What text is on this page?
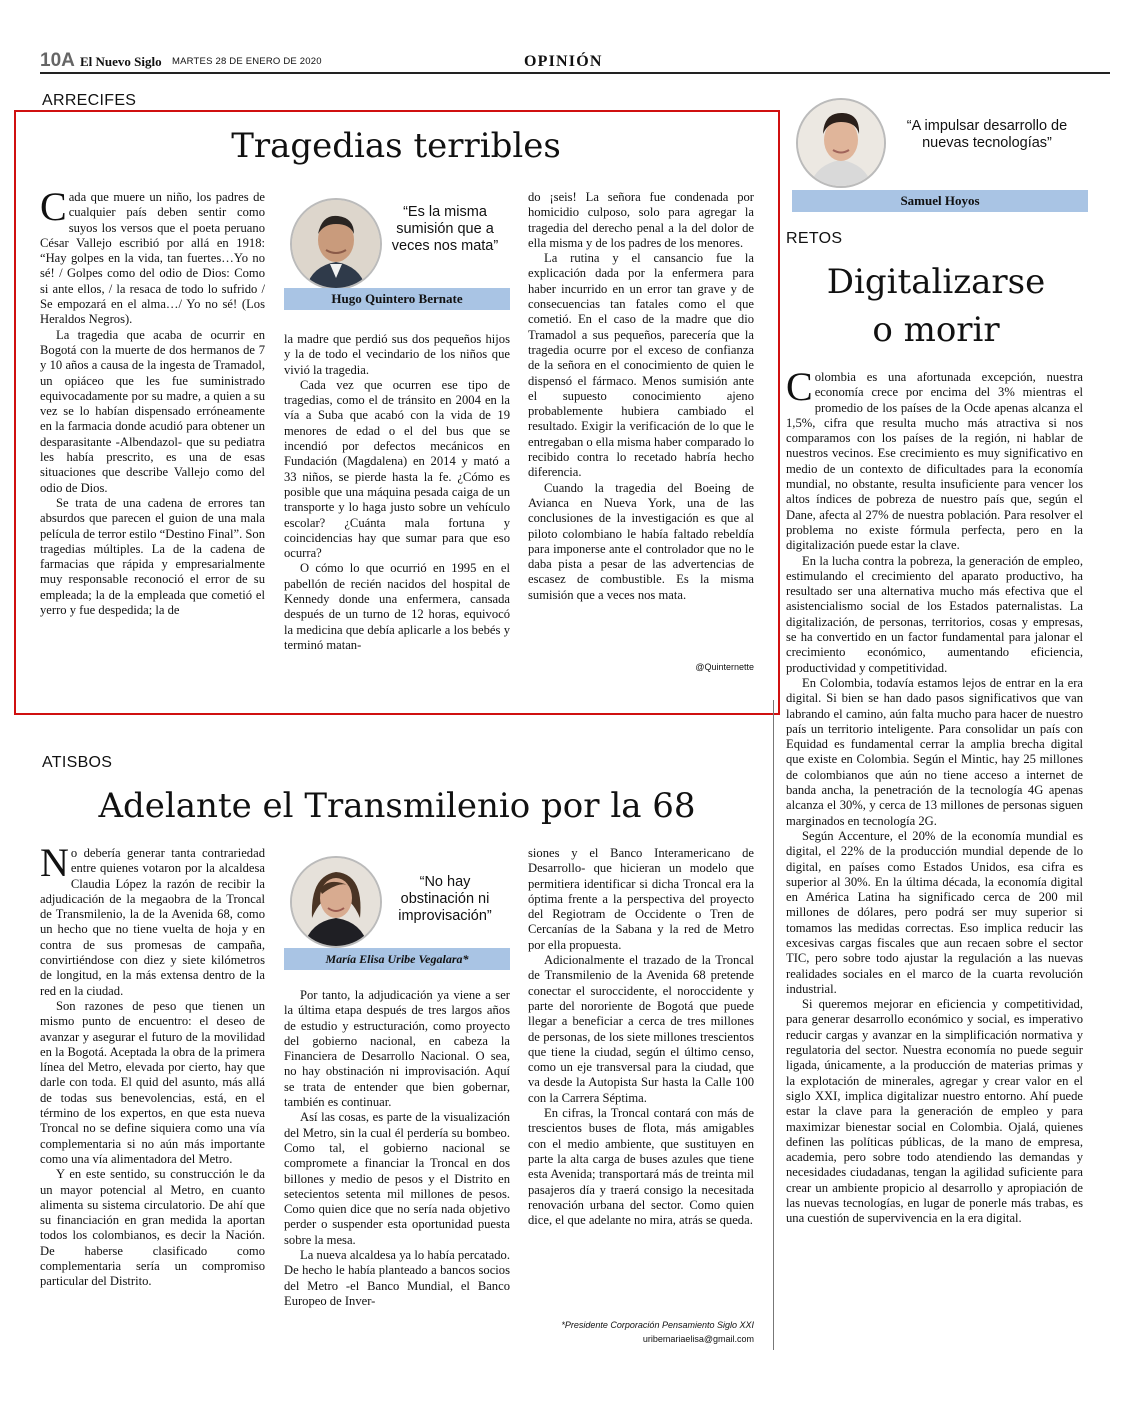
10A El Nuevo Siglo MARTES 28 DE ENERO DE 2020	OPINIÓN
ARRECIFES
Tragedias terribles

Cada que muere un niño, los padres de cualquier país deben sentir como suyos los versos que el poeta peruano César Vallejo escribió por allá en 1918: “Hay golpes en la vida, tan fuertes…Yo no sé! / Golpes como del odio de Dios: Como si ante ellos, / la resaca de todo lo sufrido / Se empozará en el alma…/ Yo no sé! (Los Heraldos Negros).

La tragedia que acaba de ocurrir en Bogotá con la muerte de dos hermanos de 7 y 10 años a causa de la ingesta de Tramadol, un opiáceo que les fue suministrado equivocadamente por su madre, a quien a su vez se lo habían dispensado erróneamente en la farmacia donde acudió para obtener un desparasitante -Albendazol- que su pediatra les había prescrito, es una de esas situaciones que describe Vallejo como del odio de Dios.

Se trata de una cadena de errores tan absurdos que parecen el guion de una mala película de terror estilo “Destino Final”. Son tragedias múltiples. La de la cadena de farmacias que rápida y empresarialmente muy responsable reconoció el error de su empleada; la de la empleada que cometió el yerro y fue despedida; la de

“Es la misma sumisión que a veces nos mata”
Hugo Quintero Bernate

la madre que perdió sus dos pequeños hijos y la de todo el vecindario de los niños que vivió la tragedia.

Cada vez que ocurren ese tipo de tragedias, como el de tránsito en 2004 en la vía a Suba que acabó con la vida de 19 menores de edad o el del bus que se incendió por defectos mecánicos en Fundación (Magdalena) en 2014 y mató a 33 niños, se pierde hasta la fe. ¿Cómo es posible que una máquina pesada caiga de un transporte y lo haga justo sobre un vehículo escolar? ¿Cuánta mala fortuna y coincidencias hay que sumar para que eso ocurra?

O cómo lo que ocurrió en 1995 en el pabellón de recién nacidos del hospital de Kennedy donde una enfermera, cansada después de un turno de 12 horas, equivocó la medicina que debía aplicarle a los bebés y terminó matan-

do ¡seis! La señora fue condenada por homicidio culposo, solo para agregar la tragedia del derecho penal a la del dolor de ella misma y de los padres de los menores.

La rutina y el cansancio fue la explicación dada por la enfermera para haber incurrido en un error tan grave y de consecuencias tan fatales como el que cometió. En el caso de la madre que dio Tramadol a sus pequeños, parecería que la tragedia ocurre por el exceso de confianza de la señora en el conocimiento de quien le dispensó el fármaco. Menos sumisión ante el supuesto conocimiento ajeno probablemente hubiera cambiado el resultado. Exigir la verificación de lo que le entregaban o ella misma haber comparado lo recibido contra lo recetado habría hecho diferencia.

Cuando la tragedia del Boeing de Avianca en Nueva York, una de las conclusiones de la investigación es que al piloto colombiano le había faltado rebeldía para imponerse ante el controlador que no le daba pista a pesar de las advertencias de escasez de combustible. Es la misma sumisión que a veces nos mata.

@Quinternette
ATISBOS
Adelante el Transmilenio por la 68

No debería generar tanta contrariedad entre quienes votaron por la alcaldesa Claudia López la razón de recibir la adjudicación de la megaobra de la Troncal de Transmilenio, la de la Avenida 68, como un hecho que no tiene vuelta de hoja y en contra de sus promesas de campaña, convirtiéndose con diez y siete kilómetros de longitud, en la más extensa dentro de la red en la ciudad.

Son razones de peso que tienen un mismo punto de encuentro: el deseo de avanzar y asegurar el futuro de la movilidad en la Bogotá. Aceptada la obra de la primera línea del Metro, elevada por cierto, hay que darle con toda. El quid del asunto, más allá de todas sus benevolencias, está, en el término de los expertos, en que esta nueva Troncal no se define siquiera como una vía complementaria si no aún más importante como una vía alimentadora del Metro.

Y en este sentido, su construcción le da un mayor potencial al Metro, en cuanto alimenta su sistema circulatorio. De ahí que su financiación en gran medida la aportan todos los colombianos, es decir la Nación. De haberse clasificado como complementaria sería un compromiso particular del Distrito.

“No hay obstinación ni improvisación”
María Elisa Uribe Vegalara*

Por tanto, la adjudicación ya viene a ser la última etapa después de tres largos años de estudio y estructuración, como proyecto del gobierno nacional, en cabeza la Financiera de Desarrollo Nacional. O sea, no hay obstinación ni improvisación. Aquí se trata de entender que bien gobernar, también es continuar.

Así las cosas, es parte de la visualización del Metro, sin la cual él perdería su bombeo. Como tal, el gobierno nacional se compromete a financiar la Troncal en dos billones y medio de pesos y el Distrito en setecientos setenta mil millones de pesos. Como quien dice que no sería nada objetivo perder o suspender esta oportunidad puesta sobre la mesa.

La nueva alcaldesa ya lo había percatado. De hecho le había planteado a bancos socios del Metro -el Banco Mundial, el Banco Europeo de Inver-

siones y el Banco Interamericano de Desarrollo- que hicieran un modelo que permitiera identificar si dicha Troncal era la óptima frente a la perspectiva del proyecto del Regiotram de Occidente o Tren de Cercanías de la Sabana y la red de Metro por ella propuesta.

Adicionalmente el trazado de la Troncal de Transmilenio de la Avenida 68 pretende conectar el suroccidente, el noroccidente y parte del nororiente de Bogotá que puede llegar a beneficiar a cerca de tres millones de personas, de los siete millones trescientos que tiene la ciudad, según el último censo, como un eje transversal para la ciudad, que va desde la Autopista Sur hasta la Calle 100 con la Carrera Séptima.

En cifras, la Troncal contará con más de trescientos buses de flota, más amigables con el medio ambiente, que sustituyen en parte la alta carga de buses azules que tiene esta Avenida; transportará más de treinta mil pasajeros día y traerá consigo la necesitada renovación urbana del sector. Como quien dice, el que adelante no mira, atrás se queda.

*Presidente Corporación Pensamiento Siglo XXI
uribemariaelisa@gmail.com
“A impulsar desarrollo de nuevas tecnologías”
Samuel Hoyos
RETOS
Digitalizarse
o morir

Colombia es una afortunada excepción, nuestra economía crece por encima del 3% mientras el promedio de los países de la Ocde apenas alcanza el 1,5%, cifra que resulta mucho más atractiva si nos comparamos con los países de la región, ni hablar de nuestros vecinos. Ese crecimiento es muy significativo en medio de un contexto de dificultades para la economía mundial, no obstante, resulta insuficiente para vencer los altos índices de pobreza de nuestro país que, según el Dane, afecta al 27% de nuestra población. Para resolver el problema no existe fórmula perfecta, pero en la digitalización puede estar la clave.

En la lucha contra la pobreza, la generación de empleo, estimulando el crecimiento del aparato productivo, ha resultado ser una alternativa mucho más efectiva que el asistencialismo social de los Estados paternalistas. La digitalización, de personas, territorios, cosas y empresas, se ha convertido en un factor fundamental para jalonar el crecimiento económico, aumentando eficiencia, productividad y competitividad.

En Colombia, todavía estamos lejos de entrar en la era digital. Si bien se han dado pasos significativos que van labrando el camino, aún falta mucho para hacer de nuestro país un territorio inteligente. Para consolidar un país con Equidad es fundamental cerrar la amplia brecha digital que existe en Colombia. Según el Mintic, hay 25 millones de colombianos que aún no tiene acceso a internet de banda ancha, la penetración de la tecnología 4G apenas alcanza el 30%, y cerca de 13 millones de personas siguen marginados en tecnología 2G.

Según Accenture, el 20% de la economía mundial es digital, el 22% de la producción mundial depende de lo digital, en países como Estados Unidos, esa cifra es superior al 30%. En la última década, la economía digital en América Latina ha significado cerca de 200 mil millones de dólares, pero podrá ser muy superior si tomamos las medidas correctas. Eso implica reducir las excesivas cargas fiscales que aun recaen sobre el sector TIC, pero sobre todo ajustar la regulación a las nuevas realidades sociales en el marco de la cuarta revolución industrial.

Si queremos mejorar en eficiencia y competitividad, para generar desarrollo económico y social, es imperativo reducir cargas y avanzar en la simplificación normativa y regulatoria del sector. Nuestra economía no puede seguir ligada, únicamente, a la producción de materias primas y la explotación de minerales, agregar y crear valor en el siglo XXI, implica digitalizar nuestro entorno. Ahí puede estar la clave para la generación de empleo y para maximizar bienestar social en Colombia. Ojalá, quienes definen las políticas públicas, de la mano de empresa, academia, pero sobre todo atendiendo las demandas y necesidades ciudadanas, tengan la agilidad suficiente para crear un ambiente propicio al desarrollo y apropiación de las nuevas tecnologías, en lugar de ponerle más trabas, es una cuestión de supervivencia en la era digital.
